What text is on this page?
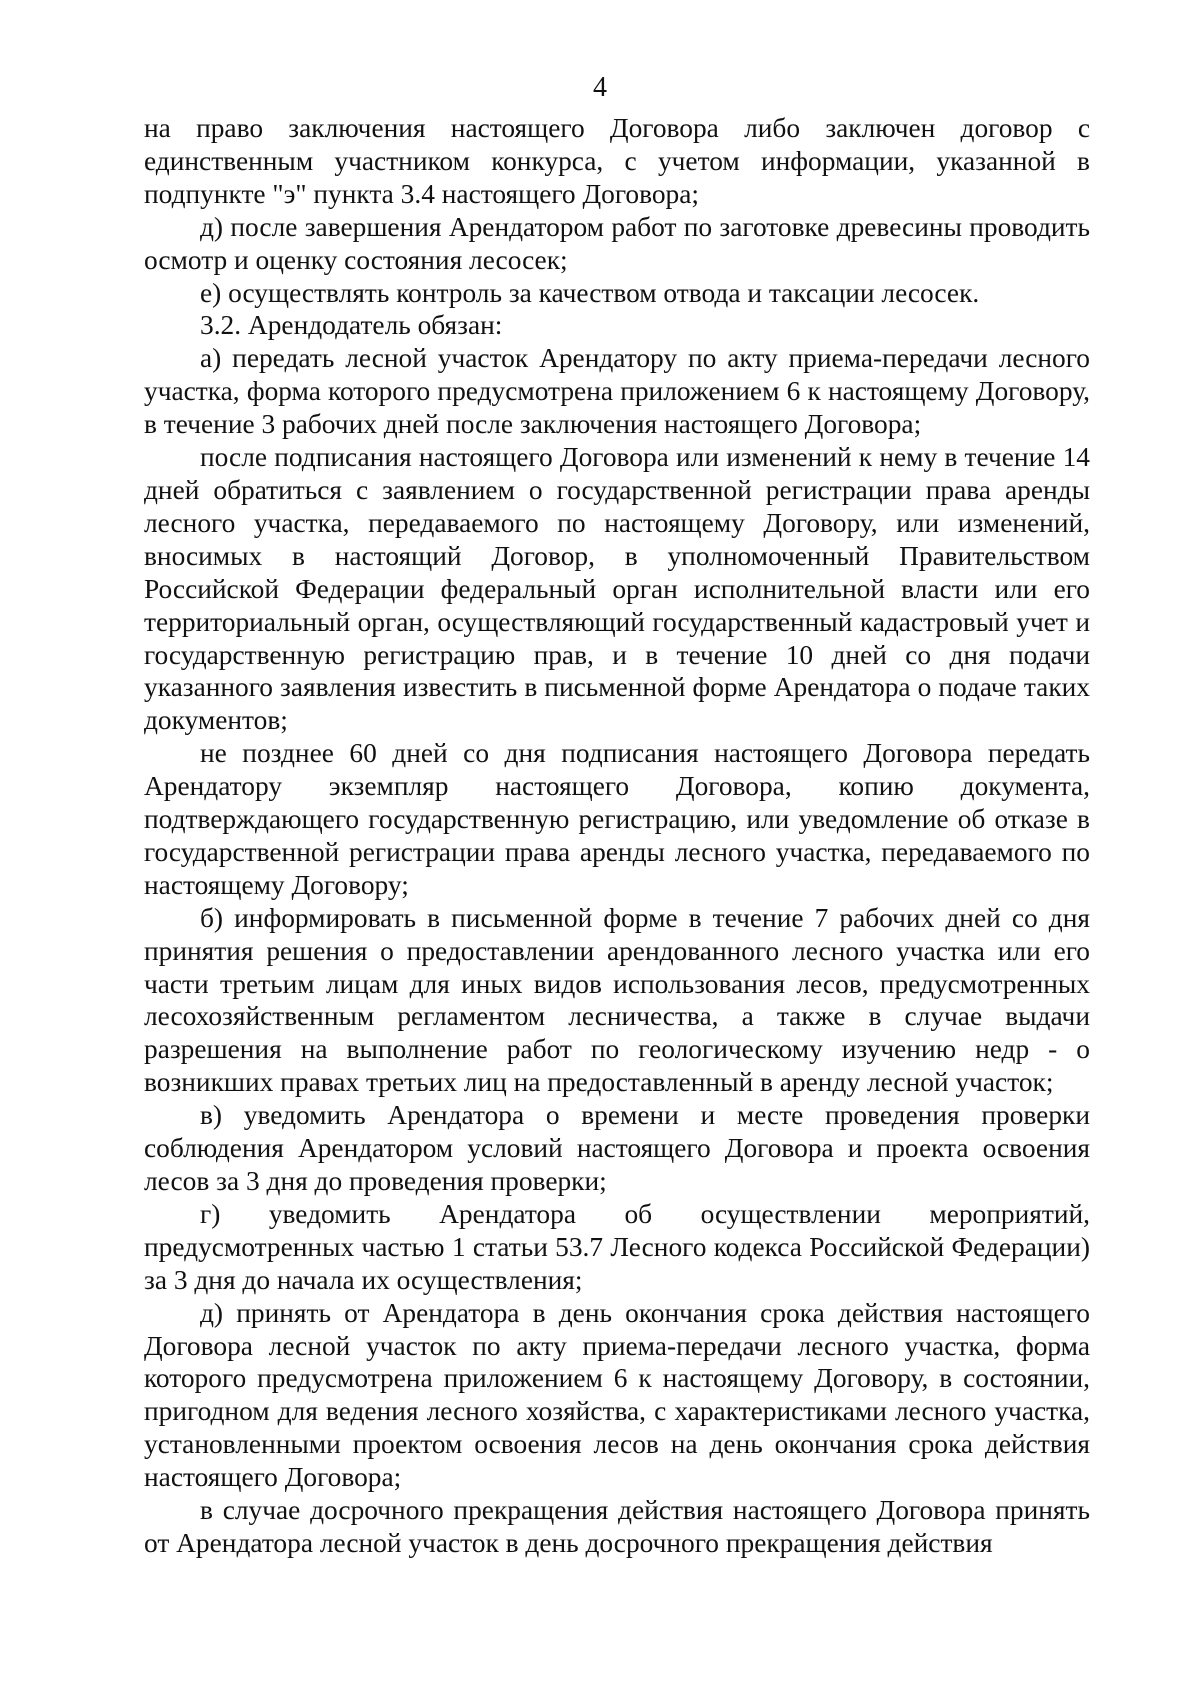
4

на право заключения настоящего Договора либо заключен договор с единственным участником конкурса, с учетом информации, указанной в подпункте "э" пункта 3.4 настоящего Договора;

д) после завершения Арендатором работ по заготовке древесины проводить осмотр и оценку состояния лесосек;

е) осуществлять контроль за качеством отвода и таксации лесосек.

3.2. Арендодатель обязан:

а) передать лесной участок Арендатору по акту приема-передачи лесного участка, форма которого предусмотрена приложением 6 к настоящему Договору, в течение 3 рабочих дней после заключения настоящего Договора;

после подписания настоящего Договора или изменений к нему в течение 14 дней обратиться с заявлением о государственной регистрации права аренды лесного участка, передаваемого по настоящему Договору, или изменений, вносимых в настоящий Договор, в уполномоченный Правительством Российской Федерации федеральный орган исполнительной власти или его территориальный орган, осуществляющий государственный кадастровый учет и государственную регистрацию прав, и в течение 10 дней со дня подачи указанного заявления известить в письменной форме Арендатора о подаче таких документов;

не позднее 60 дней со дня подписания настоящего Договора передать Арендатору экземпляр настоящего Договора, копию документа, подтверждающего государственную регистрацию, или уведомление об отказе в государственной регистрации права аренды лесного участка, передаваемого по настоящему Договору;

б) информировать в письменной форме в течение 7 рабочих дней со дня принятия решения о предоставлении арендованного лесного участка или его части третьим лицам для иных видов использования лесов, предусмотренных лесохозяйственным регламентом лесничества, а также в случае выдачи разрешения на выполнение работ по геологическому изучению недр - о возникших правах третьих лиц на предоставленный в аренду лесной участок;

в) уведомить Арендатора о времени и месте проведения проверки соблюдения Арендатором условий настоящего Договора и проекта освоения лесов за 3 дня до проведения проверки;

г) уведомить Арендатора об осуществлении мероприятий, предусмотренных частью 1 статьи 53.7 Лесного кодекса Российской Федерации) за 3 дня до начала их осуществления;

д) принять от Арендатора в день окончания срока действия настоящего Договора лесной участок по акту приема-передачи лесного участка, форма которого предусмотрена приложением 6 к настоящему Договору, в состоянии, пригодном для ведения лесного хозяйства, с характеристиками лесного участка, установленными проектом освоения лесов на день окончания срока действия настоящего Договора;

в случае досрочного прекращения действия настоящего Договора принять от Арендатора лесной участок в день досрочного прекращения действия
